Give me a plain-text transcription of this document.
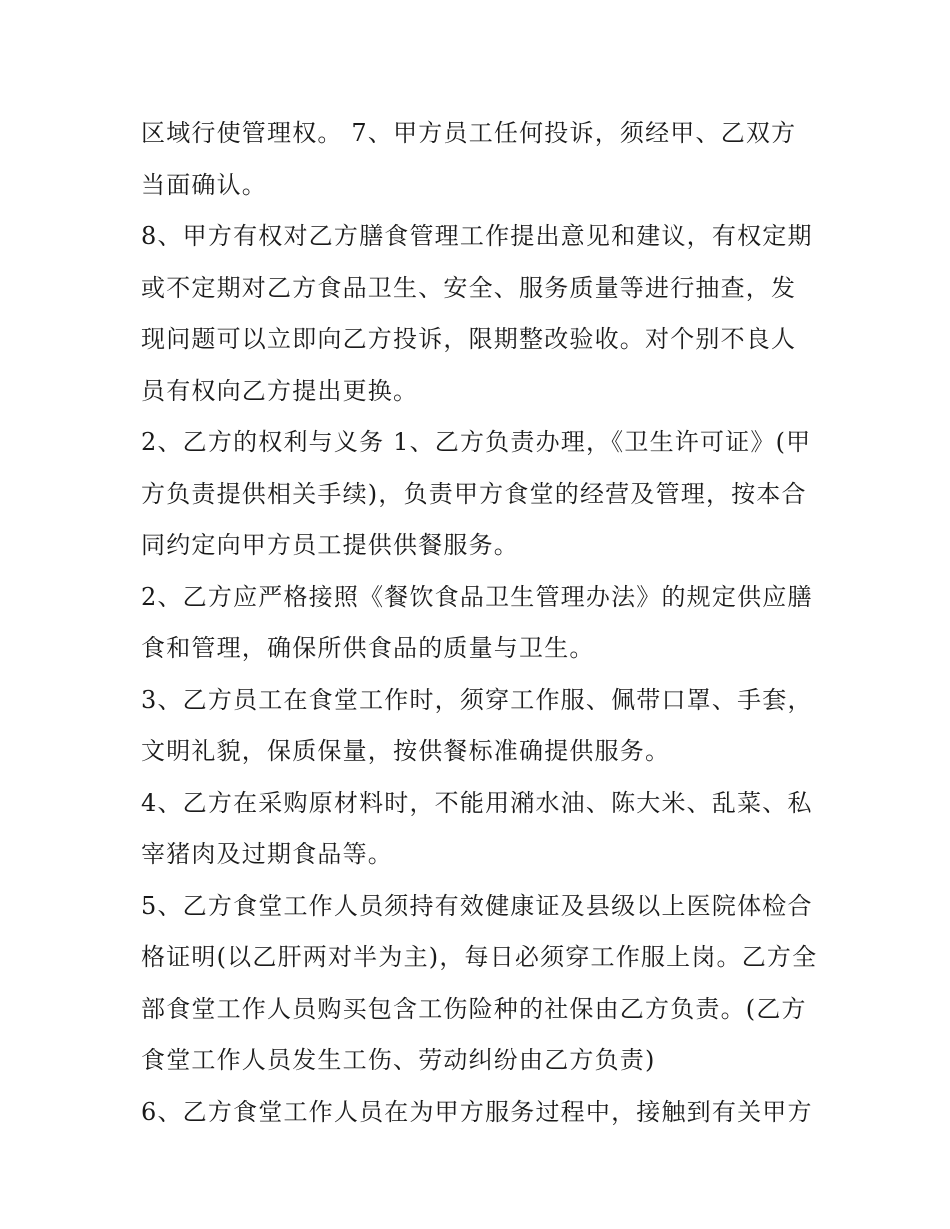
区域行使管理权。 7、甲方员工任何投诉，须经甲、乙双方当面确认。

8、甲方有权对乙方膳食管理工作提出意见和建议，有权定期或不定期对乙方食品卫生、安全、服务质量等进行抽查，发现问题可以立即向乙方投诉，限期整改验收。对个别不良人员有权向乙方提出更换。

2、乙方的权利与义务 1、乙方负责办理，《卫生许可证》(甲方负责提供相关手续)，负责甲方食堂的经营及管理，按本合同约定向甲方员工提供供餐服务。

2、乙方应严格接照《餐饮食品卫生管理办法》的规定供应膳食和管理，确保所供食品的质量与卫生。

3、乙方员工在食堂工作时，须穿工作服、佩带口罩、手套，文明礼貌，保质保量，按供餐标准确提供服务。

4、乙方在采购原材料时，不能用潲水油、陈大米、乱菜、私宰猪肉及过期食品等。

5、乙方食堂工作人员须持有效健康证及县级以上医院体检合格证明(以乙肝两对半为主)，每日必须穿工作服上岗。乙方全部食堂工作人员购买包含工伤险种的社保由乙方负责。(乙方食堂工作人员发生工伤、劳动纠纷由乙方负责)

6、乙方食堂工作人员在为甲方服务过程中，接触到有关甲方
